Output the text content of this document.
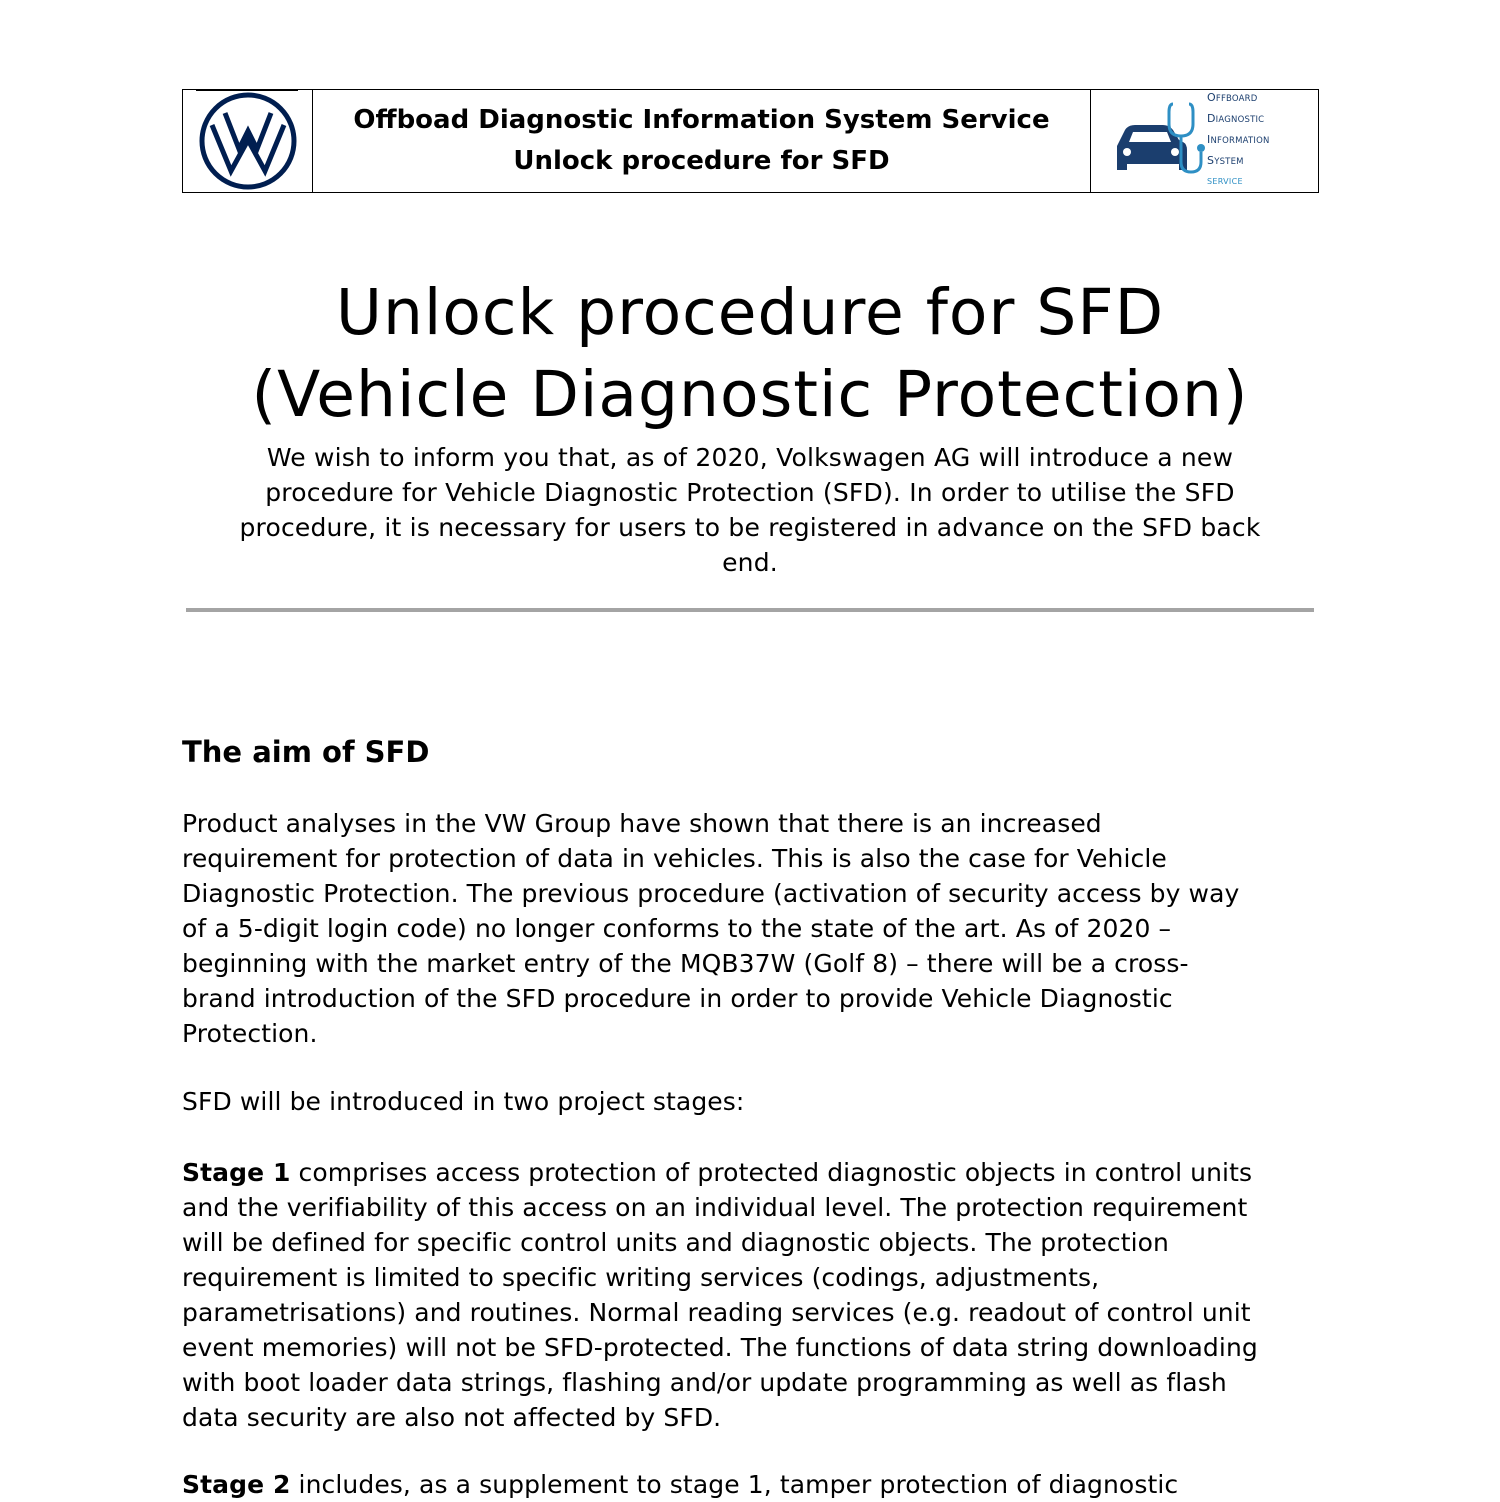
Offboad Diagnostic Information System Service
Unlock procedure for SFD
OFFBOARD
DIAGNOSTIC
INFORMATION
SYSTEM
SERVICE
Unlock procedure for SFD
(Vehicle Diagnostic Protection)

We wish to inform you that, as of 2020, Volkswagen AG will introduce a new
procedure for Vehicle Diagnostic Protection (SFD). In order to utilise the SFD
procedure, it is necessary for users to be registered in advance on the SFD back
end.

The aim of SFD

Product analyses in the VW Group have shown that there is an increased
requirement for protection of data in vehicles. This is also the case for Vehicle
Diagnostic Protection. The previous procedure (activation of security access by way
of a 5-digit login code) no longer conforms to the state of the art. As of 2020 –
beginning with the market entry of the MQB37W (Golf 8) – there will be a cross-
brand introduction of the SFD procedure in order to provide Vehicle Diagnostic
Protection.

SFD will be introduced in two project stages:

Stage 1 comprises access protection of protected diagnostic objects in control units
and the verifiability of this access on an individual level. The protection requirement
will be defined for specific control units and diagnostic objects. The protection
requirement is limited to specific writing services (codings, adjustments,
parametrisations) and routines. Normal reading services (e.g. readout of control unit
event memories) will not be SFD-protected. The functions of data string downloading
with boot loader data strings, flashing and/or update programming as well as flash
data security are also not affected by SFD.

Stage 2 includes, as a supplement to stage 1, tamper protection of diagnostic
